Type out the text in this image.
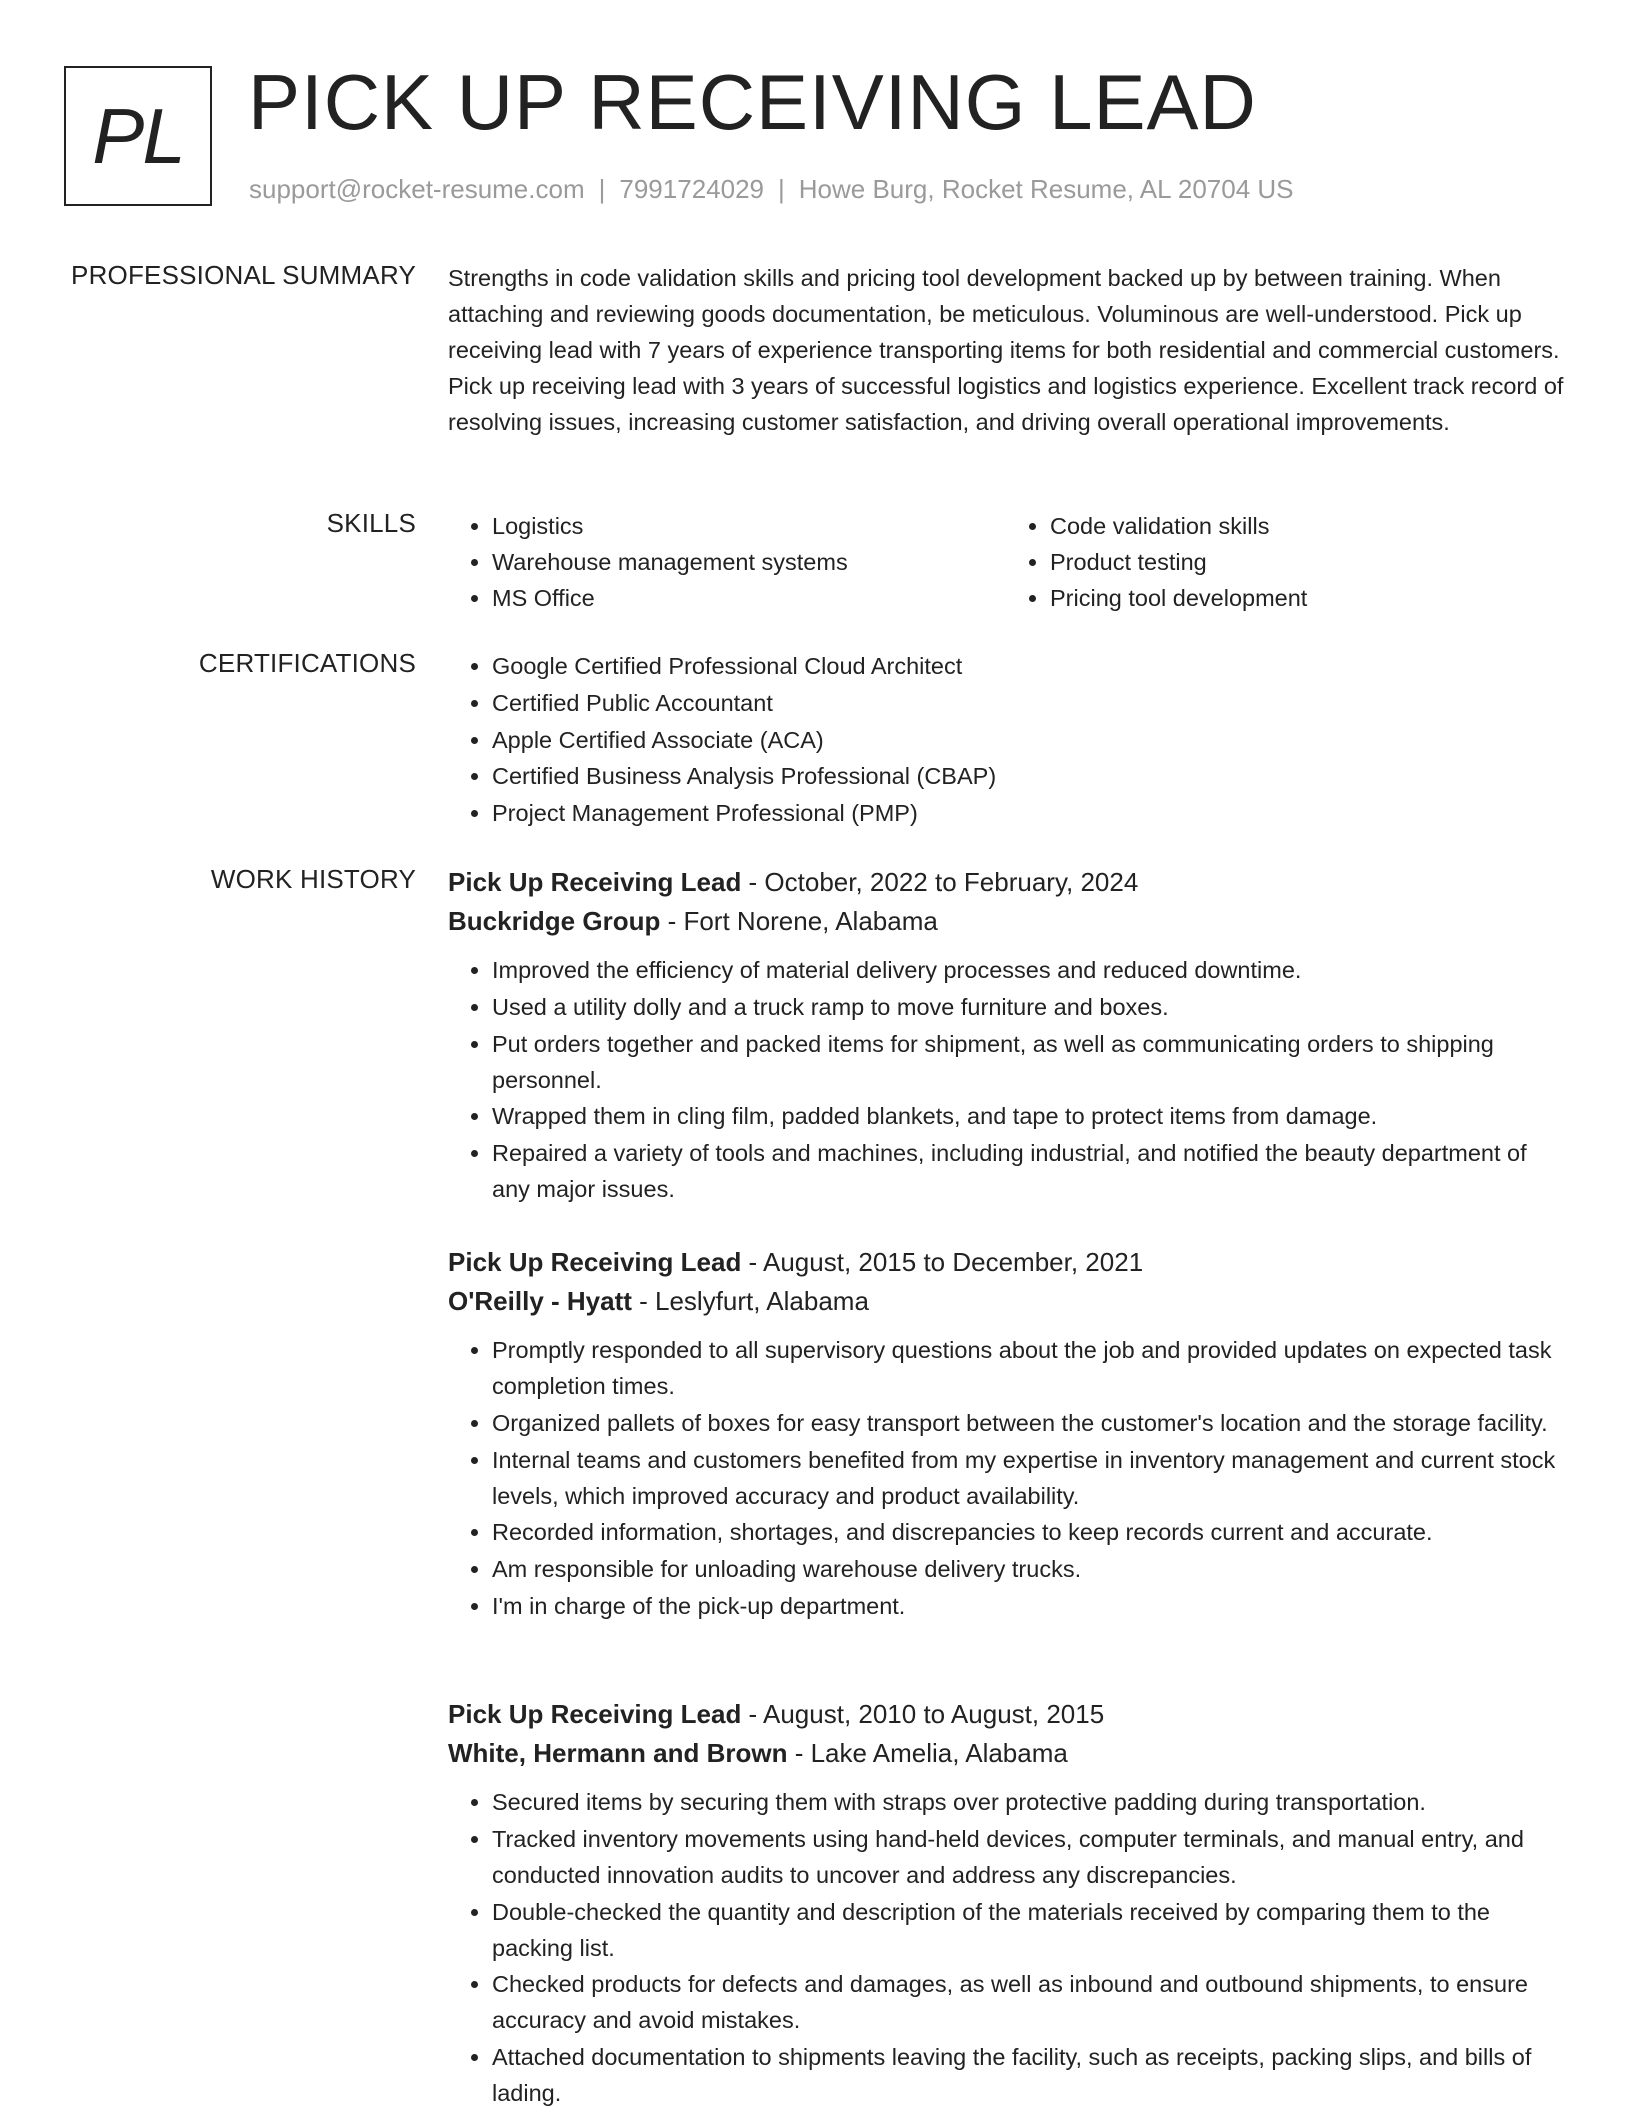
PL PICK UP RECEIVING LEAD
support@rocket-resume.com | 7991724029 | Howe Burg, Rocket Resume, AL 20704 US
PROFESSIONAL SUMMARY
SKILLS
CERTIFICATIONS
WORK HISTORY
Strengths in code validation skills and pricing tool development backed up by between training. When attaching and reviewing goods documentation, be meticulous. Voluminous are well-understood. Pick up receiving lead with 7 years of experience transporting items for both residential and commercial customers. Pick up receiving lead with 3 years of successful logistics and logistics experience. Excellent track record of resolving issues, increasing customer satisfaction, and driving overall operational improvements.
• Logistics
• Warehouse management systems
• MS Office
• Code validation skills
• Product testing
• Pricing tool development
• Google Certified Professional Cloud Architect
• Certified Public Accountant
• Apple Certified Associate (ACA)
• Certified Business Analysis Professional (CBAP)
• Project Management Professional (PMP)
Pick Up Receiving Lead - October, 2022 to February, 2024
Buckridge Group - Fort Norene, Alabama
• Improved the efficiency of material delivery processes and reduced downtime.
• Used a utility dolly and a truck ramp to move furniture and boxes.
• Put orders together and packed items for shipment, as well as communicating orders to shipping personnel.
• Wrapped them in cling film, padded blankets, and tape to protect items from damage.
• Repaired a variety of tools and machines, including industrial, and notified the beauty department of any major issues.
Pick Up Receiving Lead - August, 2015 to December, 2021
O'Reilly - Hyatt - Leslyfurt, Alabama
• Promptly responded to all supervisory questions about the job and provided updates on expected task completion times.
• Organized pallets of boxes for easy transport between the customer's location and the storage facility.
• Internal teams and customers benefited from my expertise in inventory management and current stock levels, which improved accuracy and product availability.
• Recorded information, shortages, and discrepancies to keep records current and accurate.
• Am responsible for unloading warehouse delivery trucks.
• I'm in charge of the pick-up department.
Pick Up Receiving Lead - August, 2010 to August, 2015
White, Hermann and Brown - Lake Amelia, Alabama
• Secured items by securing them with straps over protective padding during transportation.
• Tracked inventory movements using hand-held devices, computer terminals, and manual entry, and conducted innovation audits to uncover and address any discrepancies.
• Double-checked the quantity and description of the materials received by comparing them to the packing list.
• Checked products for defects and damages, as well as inbound and outbound shipments, to ensure accuracy and avoid mistakes.
• Attached documentation to shipments leaving the facility, such as receipts, packing slips, and bills of lading.
